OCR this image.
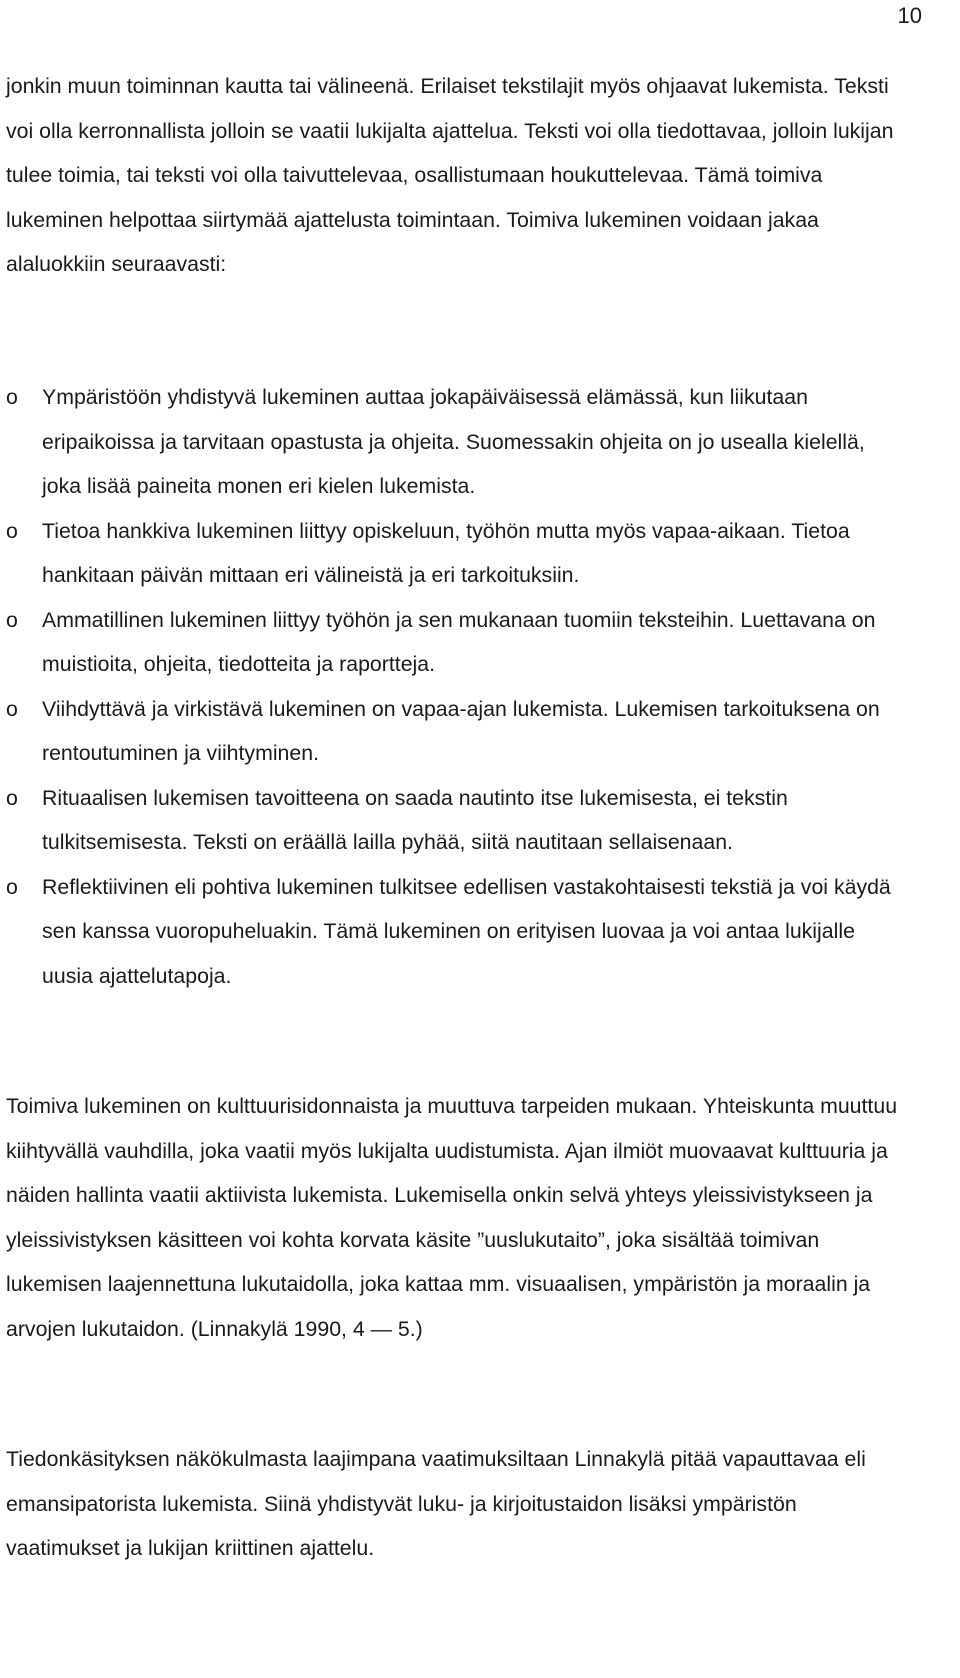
10

jonkin muun toiminnan kautta tai välineenä. Erilaiset tekstilajit myös ohjaavat lukemista. Teksti voi olla kerronnallista jolloin se vaatii lukijalta ajattelua. Teksti voi olla tiedottavaa, jolloin lukijan tulee toimia, tai teksti voi olla taivuttelevaa, osallistumaan houkuttelevaa. Tämä toimiva lukeminen helpottaa siirtymää ajattelusta toimintaan. Toimiva lukeminen voidaan jakaa alaluokkiin seuraavasti:

o Ympäristöön yhdistyvä lukeminen auttaa jokapäiväisessä elämässä, kun liikutaan eripaikoissa ja tarvitaan opastusta ja ohjeita. Suomessakin ohjeita on jo usealla kielellä, joka lisää paineita monen eri kielen lukemista.
o Tietoa hankkiva lukeminen liittyy opiskeluun, työhön mutta myös vapaa-aikaan. Tietoa hankitaan päivän mittaan eri välineistä ja eri tarkoituksiin.
o Ammatillinen lukeminen liittyy työhön ja sen mukanaan tuomiin teksteihin. Luettavana on muistioita, ohjeita, tiedotteita ja raportteja.
o Viihdyttävä ja virkistävä lukeminen on vapaa-ajan lukemista. Lukemisen tarkoituksena on rentoutuminen ja viihtyminen.
o Rituaalisen lukemisen tavoitteena on saada nautinto itse lukemisesta, ei tekstin tulkitsemisesta. Teksti on eräällä lailla pyhää, siitä nautitaan sellaisenaan.
o Reflektiivinen eli pohtiva lukeminen tulkitsee edellisen vastakohtaisesti tekstiä ja voi käydä sen kanssa vuoropuheluakin. Tämä lukeminen on erityisen luovaa ja voi antaa lukijalle uusia ajattelutapoja.

Toimiva lukeminen on kulttuurisidonnaista ja muuttuva tarpeiden mukaan. Yhteiskunta muuttuu kiihtyvällä vauhdilla, joka vaatii myös lukijalta uudistumista. Ajan ilmiöt muovaavat kulttuuria ja näiden hallinta vaatii aktiivista lukemista. Lukemisella onkin selvä yhteys yleissivistykseen ja yleissivistyksen käsitteen voi kohta korvata käsite ”uuslukutaito”, joka sisältää toimivan lukemisen laajennettuna lukutaidolla, joka kattaa mm. visuaalisen, ympäristön ja moraalin ja arvojen lukutaidon. (Linnakylä 1990, 4 — 5.)

Tiedonkäsityksen näkökulmasta laajimpana vaatimuksiltaan Linnakylä pitää vapauttavaa eli emansipatorista lukemista. Siinä yhdistyvät luku- ja kirjoitustaidon lisäksi ympäristön vaatimukset ja lukijan kriittinen ajattelu.
